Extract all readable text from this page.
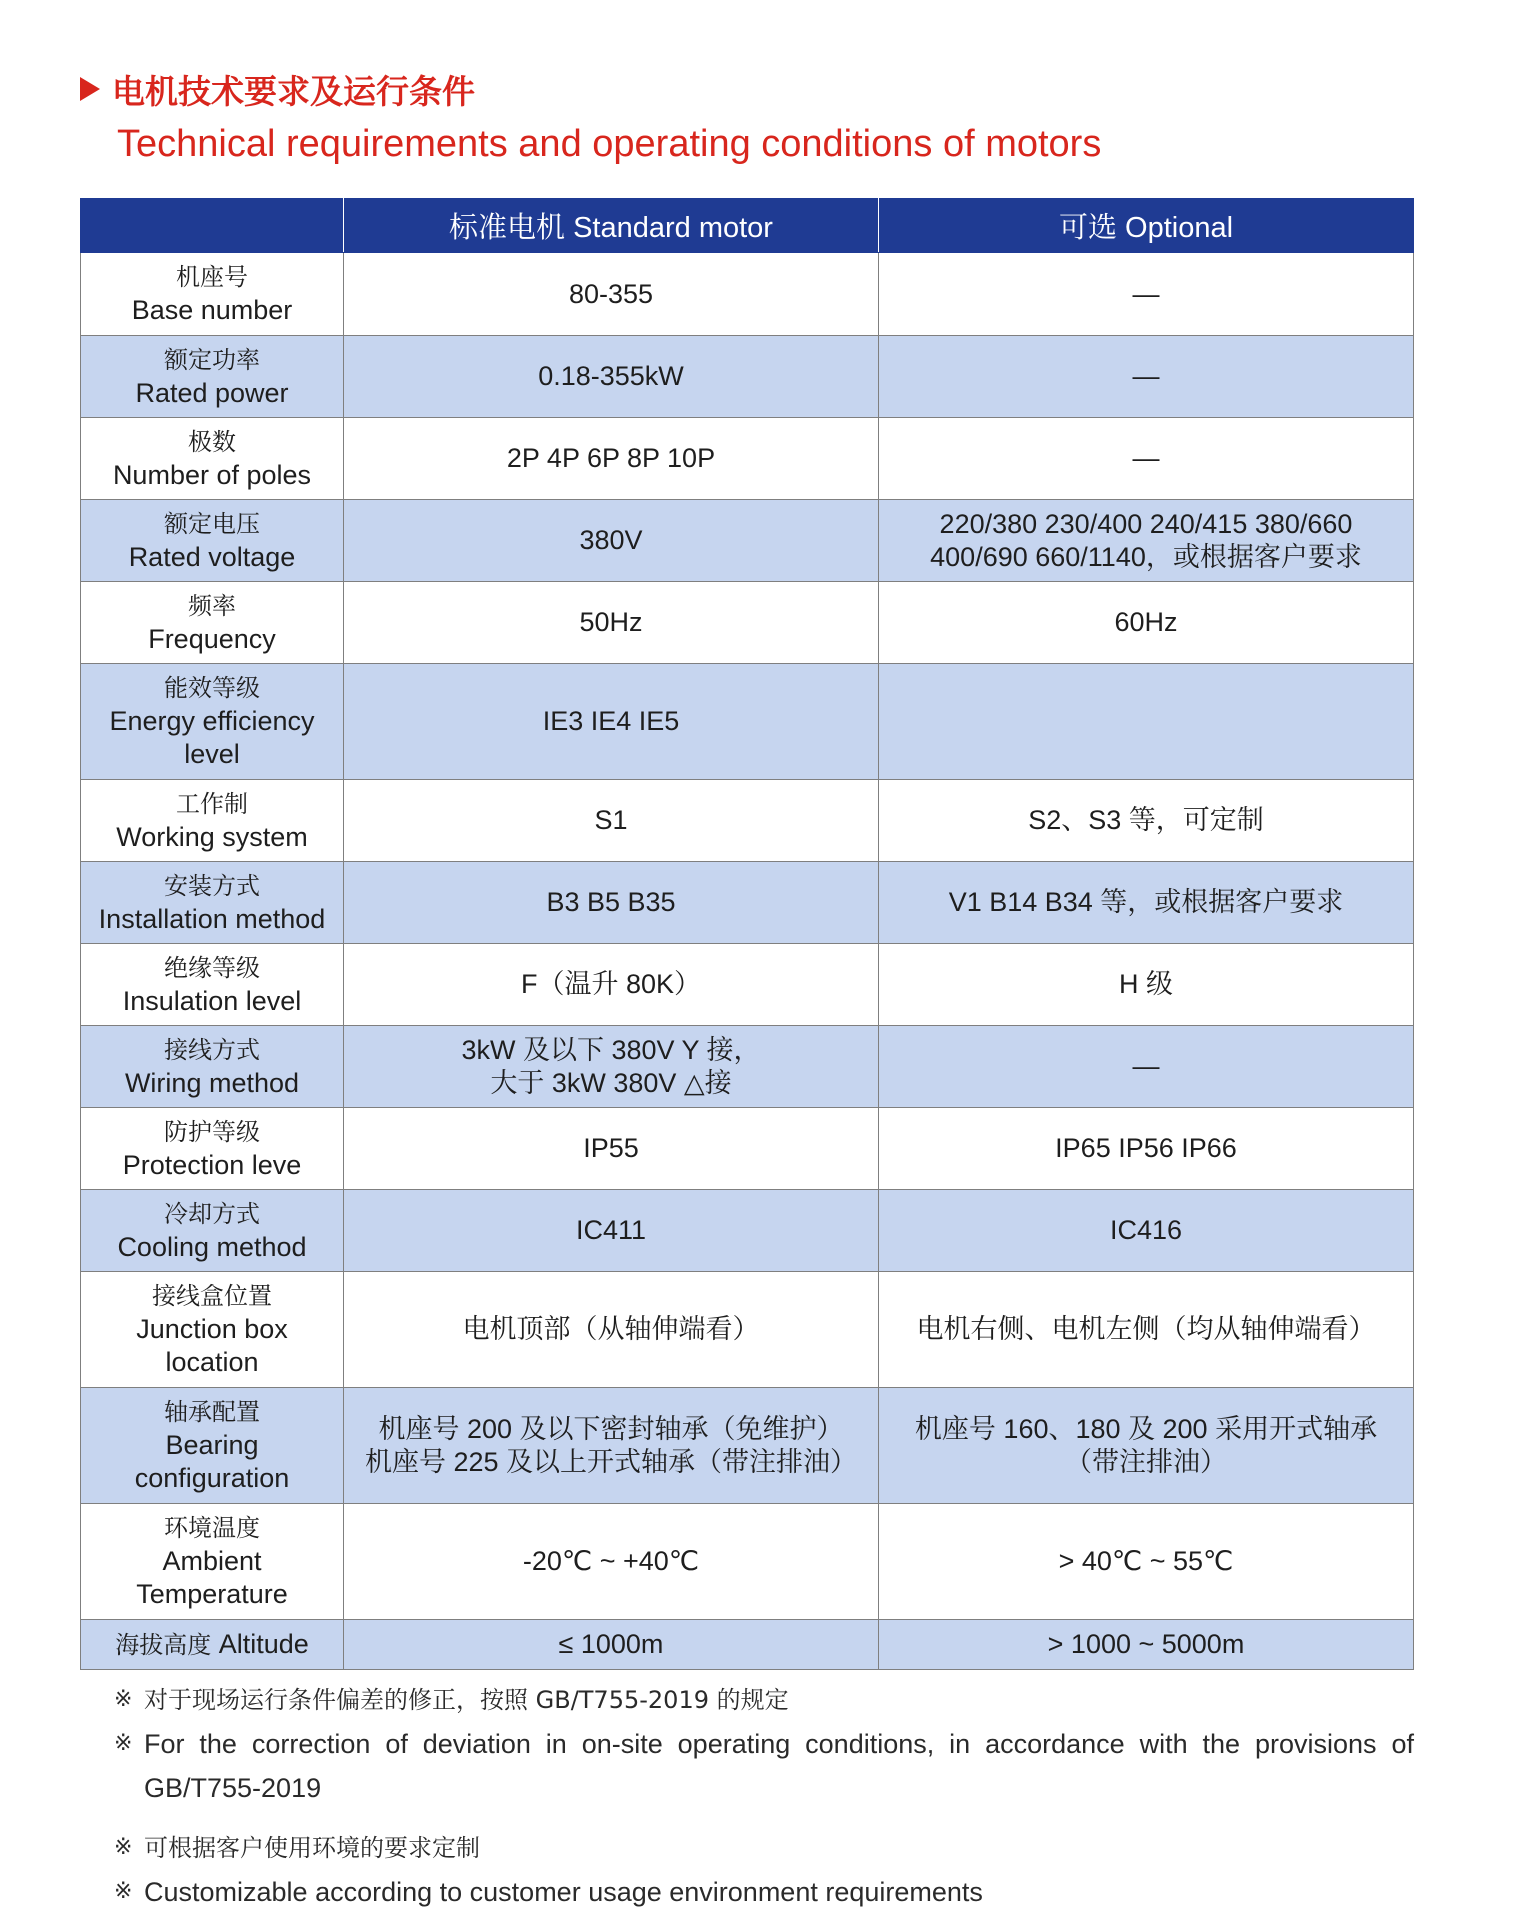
电机技术要求及运行条件
Technical requirements and operating conditions of motors
	标准电机 Standard motor	可选 Optional

机座号
Base number	80-355	—

额定功率
Rated power	0.18-355kW	—

极数
Number of poles	2P 4P 6P 8P 10P	—

额定电压
Rated voltage	380V	220/380 230/400 240/415 380/660
400/690 660/1140，或根据客户要求

频率
Frequency	50Hz	60Hz

能效等级
Energy efficiency level	IE3 IE4 IE5	

工作制
Working system	S1	S2、S3 等，可定制

安装方式
Installation method	B3 B5 B35	V1 B14 B34 等，或根据客户要求

绝缘等级
Insulation level	F（温升 80K）	H 级

接线方式
Wiring method	3kW 及以下 380V Y 接，
大于 3kW 380V △接	—

防护等级
Protection leve	IP55	IP65 IP56 IP66

冷却方式
Cooling method	IC411	IC416

接线盒位置
Junction box location	电机顶部（从轴伸端看）	电机右侧、电机左侧（均从轴伸端看）

轴承配置
Bearing configuration	机座号 200 及以下密封轴承（免维护）
机座号 225 及以上开式轴承（带注排油）	机座号 160、180 及 200 采用开式轴承
（带注排油）

环境温度
Ambient Temperature	-20℃ ~ +40℃	> 40℃ ~ 55℃

海拔高度 Altitude	≤ 1000m	> 1000 ~ 5000m
※ 对于现场运行条件偏差的修正，按照 GB/T755-2019 的规定
※ For the correction of deviation in on-site operating conditions, in accordance with the provisions of GB/T755-2019
※ 可根据客户使用环境的要求定制
※ Customizable according to customer usage environment requirements
